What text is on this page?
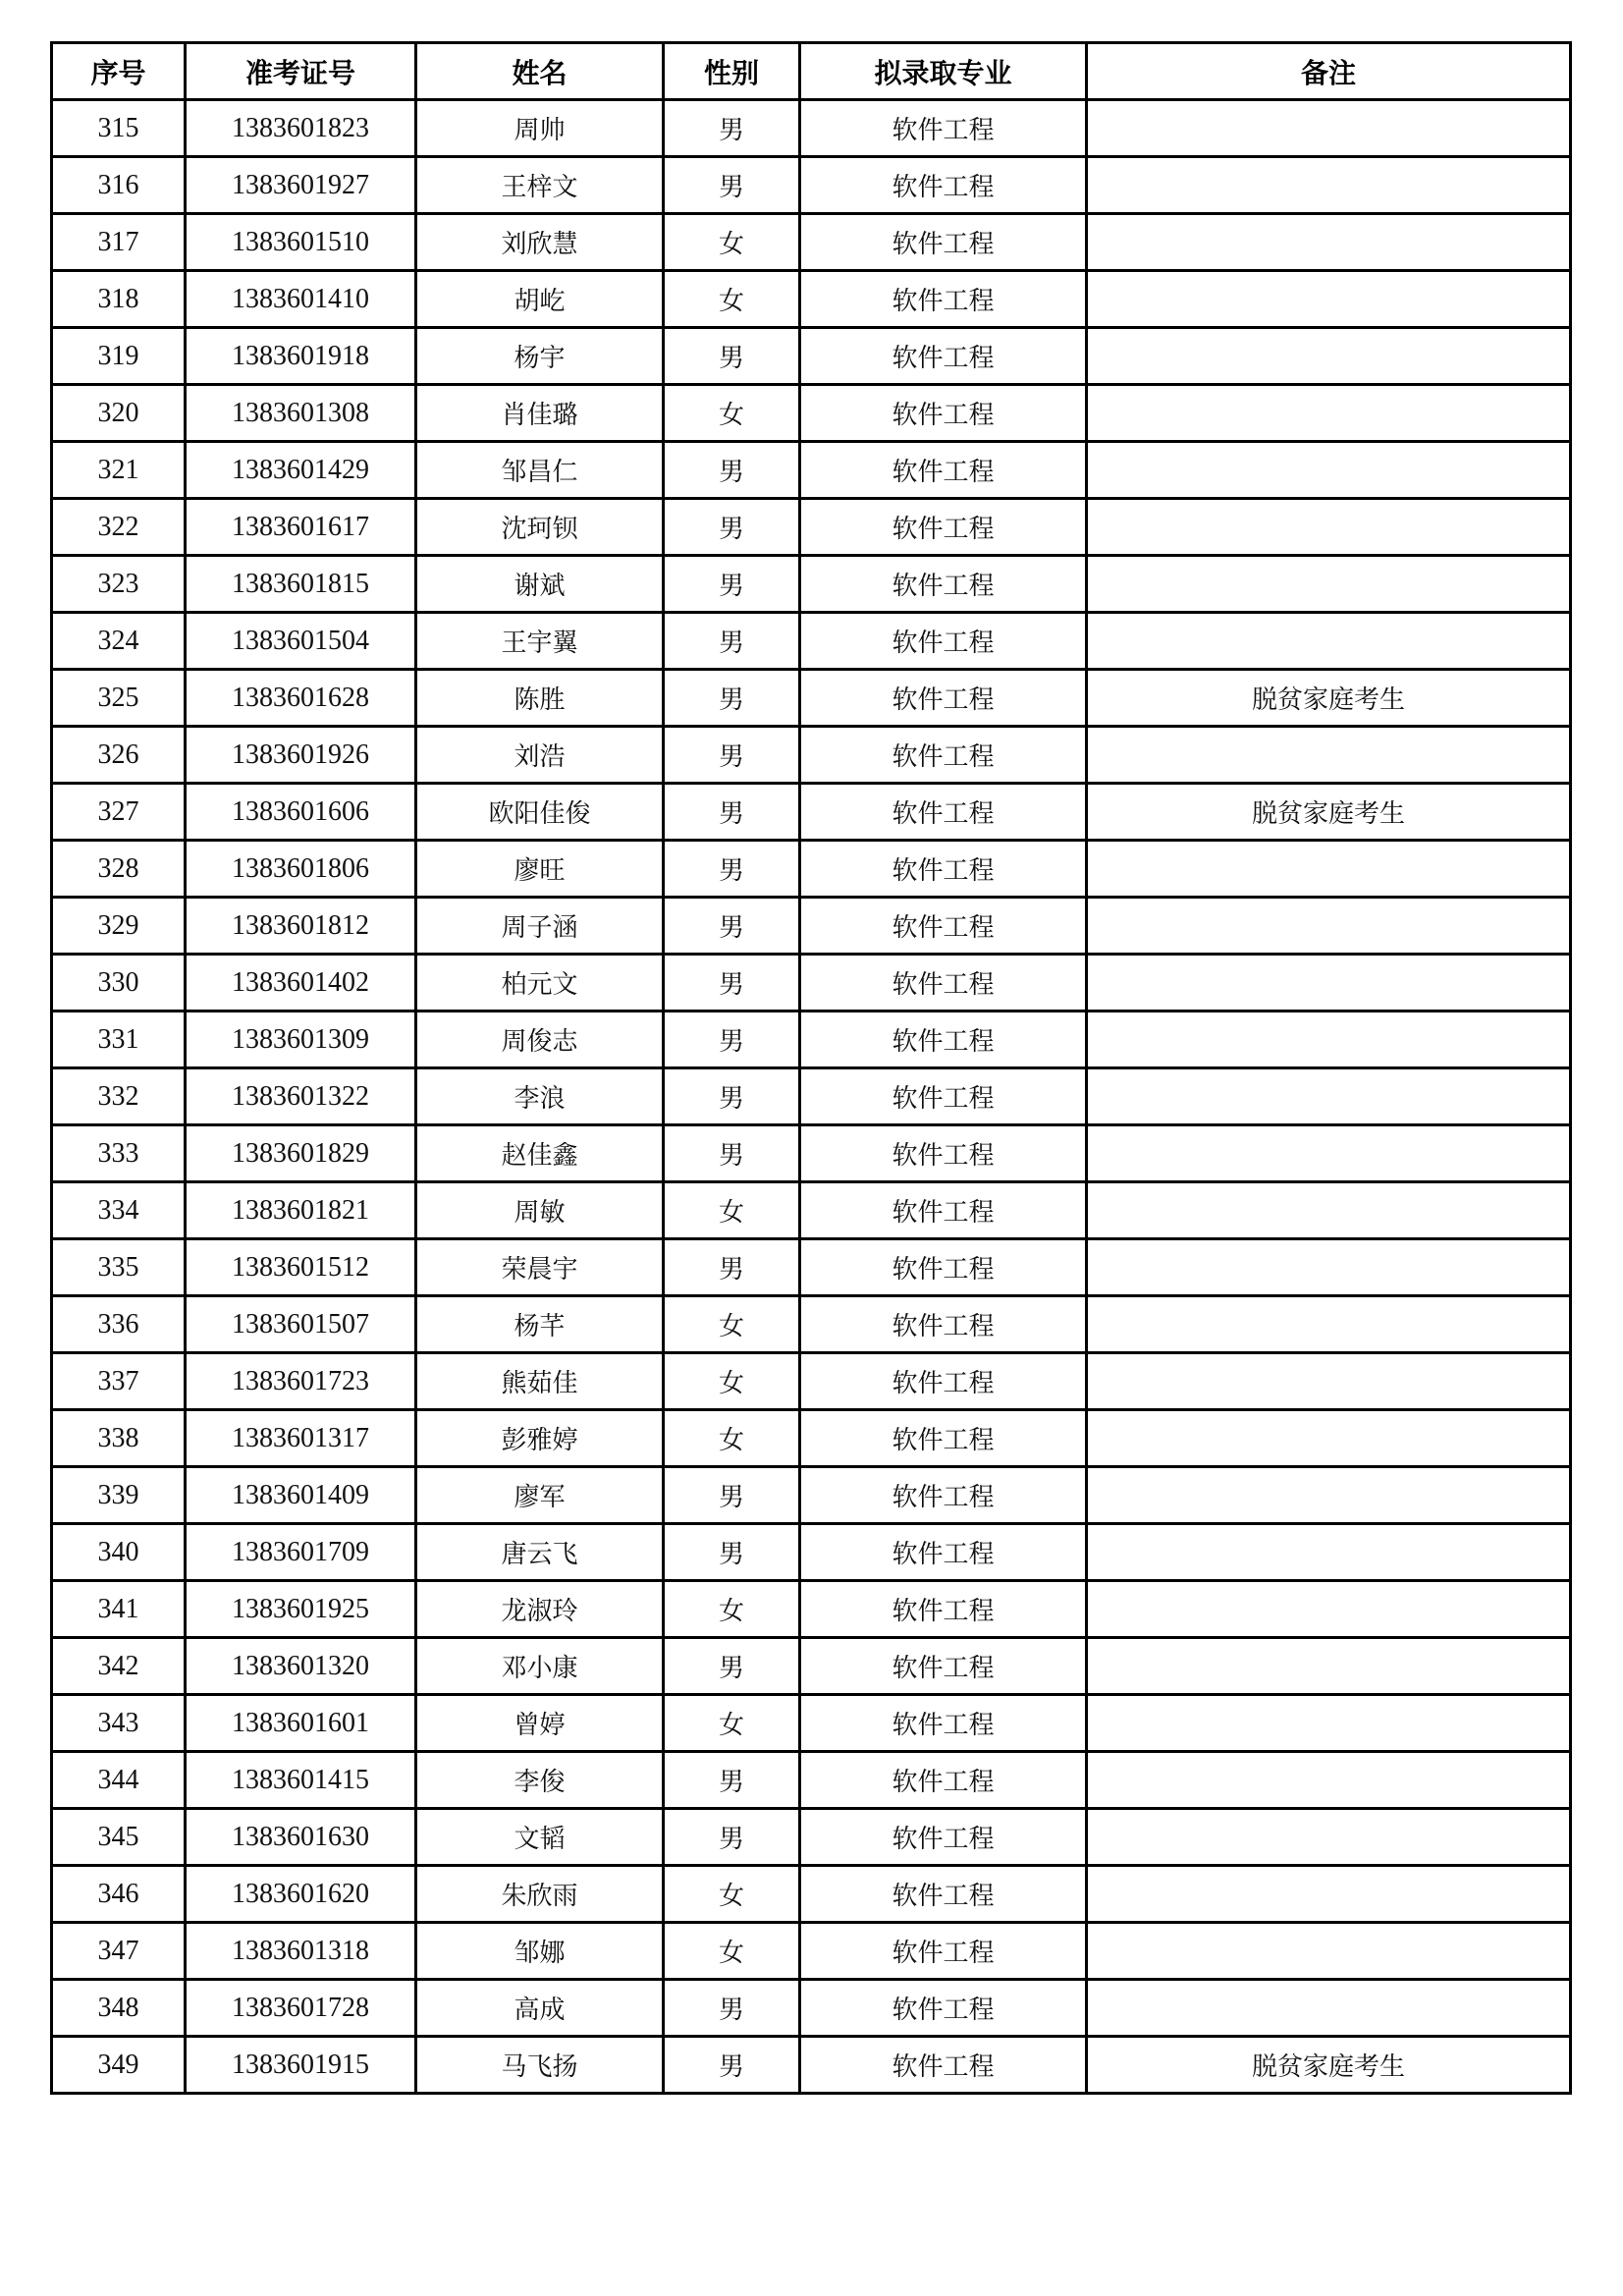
序号	准考证号	姓名	性别	拟录取专业	备注
315	1383601823	周帅	男	软件工程	
316	1383601927	王梓文	男	软件工程	
317	1383601510	刘欣慧	女	软件工程	
318	1383601410	胡屹	女	软件工程	
319	1383601918	杨宇	男	软件工程	
320	1383601308	肖佳璐	女	软件工程	
321	1383601429	邹昌仁	男	软件工程	
322	1383601617	沈珂钡	男	软件工程	
323	1383601815	谢斌	男	软件工程	
324	1383601504	王宇翼	男	软件工程	
325	1383601628	陈胜	男	软件工程	脱贫家庭考生
326	1383601926	刘浩	男	软件工程	
327	1383601606	欧阳佳俊	男	软件工程	脱贫家庭考生
328	1383601806	廖旺	男	软件工程	
329	1383601812	周子涵	男	软件工程	
330	1383601402	柏元文	男	软件工程	
331	1383601309	周俊志	男	软件工程	
332	1383601322	李浪	男	软件工程	
333	1383601829	赵佳鑫	男	软件工程	
334	1383601821	周敏	女	软件工程	
335	1383601512	荣晨宇	男	软件工程	
336	1383601507	杨芊	女	软件工程	
337	1383601723	熊茹佳	女	软件工程	
338	1383601317	彭雅婷	女	软件工程	
339	1383601409	廖军	男	软件工程	
340	1383601709	唐云飞	男	软件工程	
341	1383601925	龙淑玲	女	软件工程	
342	1383601320	邓小康	男	软件工程	
343	1383601601	曾婷	女	软件工程	
344	1383601415	李俊	男	软件工程	
345	1383601630	文韬	男	软件工程	
346	1383601620	朱欣雨	女	软件工程	
347	1383601318	邹娜	女	软件工程	
348	1383601728	高成	男	软件工程	
349	1383601915	马飞扬	男	软件工程	脱贫家庭考生
